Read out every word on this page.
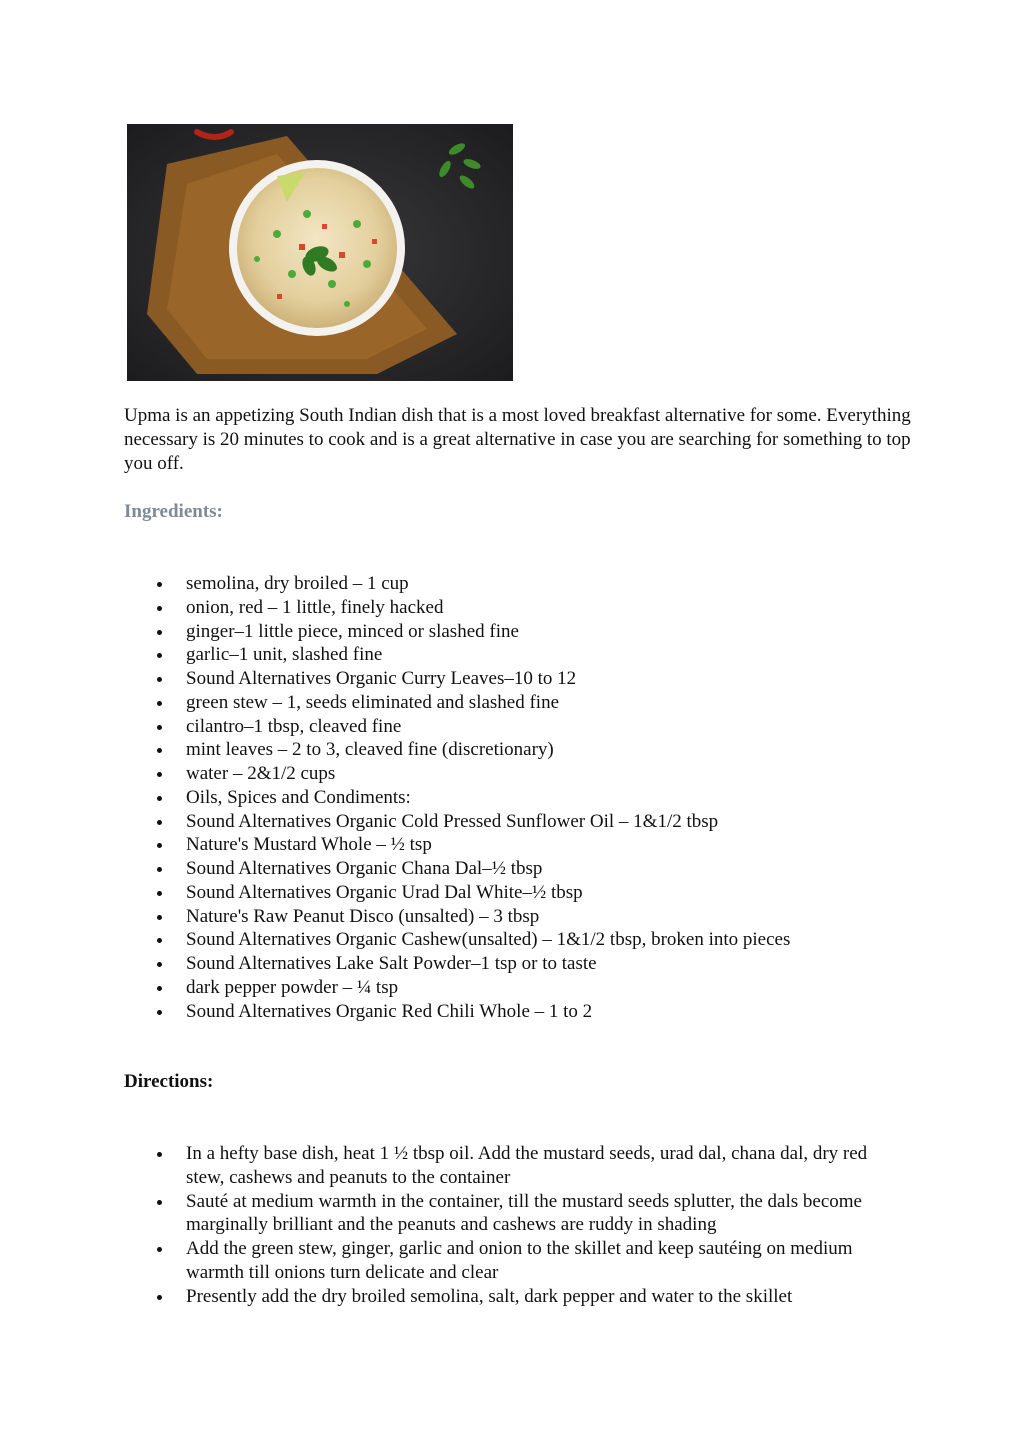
Upma is an appetizing South Indian dish that is a most loved breakfast alternative for some. Everything necessary is 20 minutes to cook and is a great alternative in case you are searching for something to top you off.

Ingredients:
semolina, dry broiled – 1 cup
onion, red – 1 little, finely hacked
ginger–1 little piece, minced or slashed fine
garlic–1 unit, slashed fine
Sound Alternatives Organic Curry Leaves–10 to 12
green stew – 1, seeds eliminated and slashed fine
cilantro–1 tbsp, cleaved fine
mint leaves – 2 to 3, cleaved fine (discretionary)
water – 2&1/2 cups
Oils, Spices and Condiments:
Sound Alternatives Organic Cold Pressed Sunflower Oil – 1&1/2 tbsp
Nature's Mustard Whole – ½ tsp
Sound Alternatives Organic Chana Dal–½ tbsp
Sound Alternatives Organic Urad Dal White–½ tbsp
Nature's Raw Peanut Disco (unsalted) – 3 tbsp
Sound Alternatives Organic Cashew(unsalted) – 1&1/2 tbsp, broken into pieces
Sound Alternatives Lake Salt Powder–1 tsp or to taste
dark pepper powder – ¼ tsp
Sound Alternatives Organic Red Chili Whole – 1 to 2
Directions:
In a hefty base dish, heat 1 ½ tbsp oil. Add the mustard seeds, urad dal, chana dal, dry red stew, cashews and peanuts to the container
Sauté at medium warmth in the container, till the mustard seeds splutter, the dals become marginally brilliant and the peanuts and cashews are ruddy in shading
Add the green stew, ginger, garlic and onion to the skillet and keep sautéing on medium warmth till onions turn delicate and clear
Presently add the dry broiled semolina, salt, dark pepper and water to the skillet
